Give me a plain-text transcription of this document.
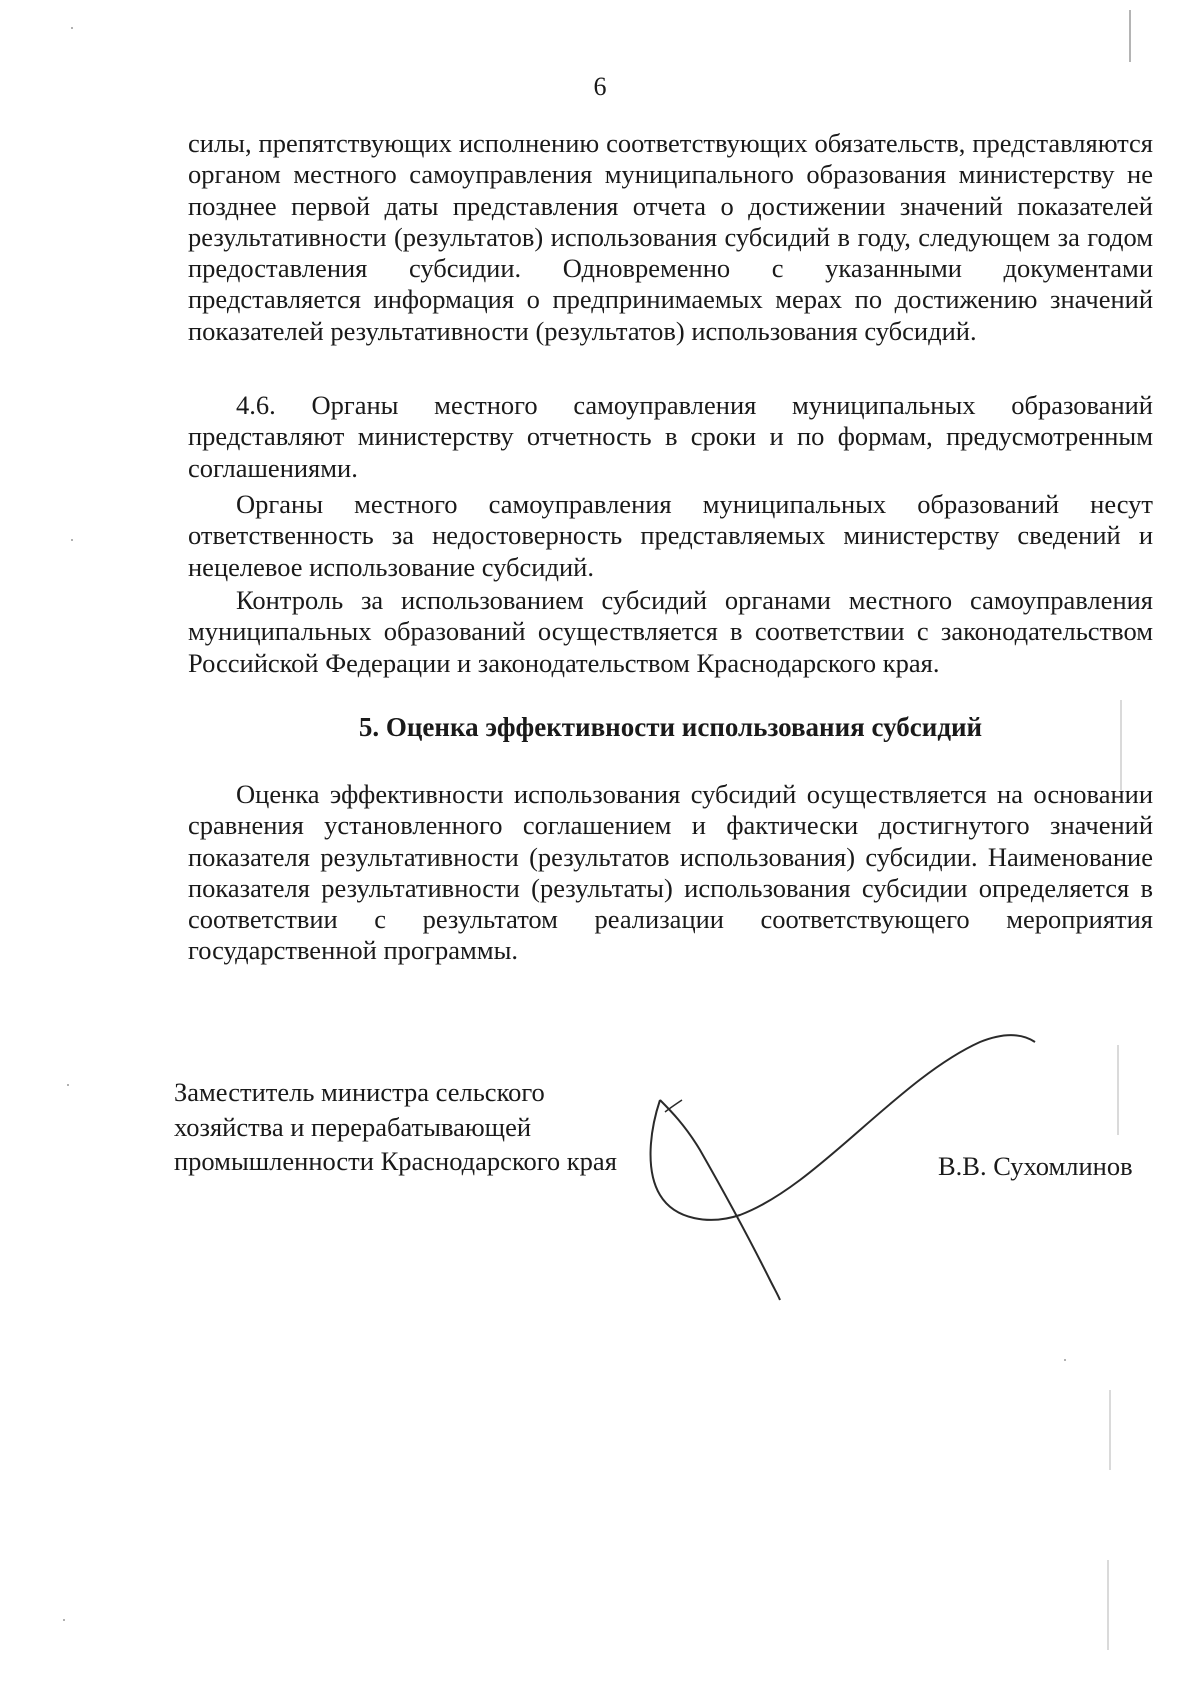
6

силы, препятствующих исполнению соответствующих обязательств, представляются органом местного самоуправления муниципального образования министерству не позднее первой даты представления отчета о достижении значений показателей результативности (результатов) использования субсидий в году, следующем за годом предоставления субсидии. Одновременно с указанными документами представляется информация о предпринимаемых мерах по достижению значений показателей результативности (результатов) использования субсидий.

4.6. Органы местного самоуправления муниципальных образований представляют министерству отчетность в сроки и по формам, предусмотренным соглашениями.

Органы местного самоуправления муниципальных образований несут ответственность за недостоверность представляемых министерству сведений и нецелевое использование субсидий.

Контроль за использованием субсидий органами местного самоуправления муниципальных образований осуществляется в соответствии с законодательством Российской Федерации и законодательством Краснодарского края.

5. Оценка эффективности использования субсидий

Оценка эффективности использования субсидий осуществляется на основании сравнения установленного соглашением и фактически достигнутого значений показателя результативности (результатов использования) субсидии. Наименование показателя результативности (результаты) использования субсидии определяется в соответствии с результатом реализации соответствующего мероприятия государственной программы.

Заместитель министра сельского
хозяйства и перерабатывающей
промышленности Краснодарского края	В.В. Сухомлинов
